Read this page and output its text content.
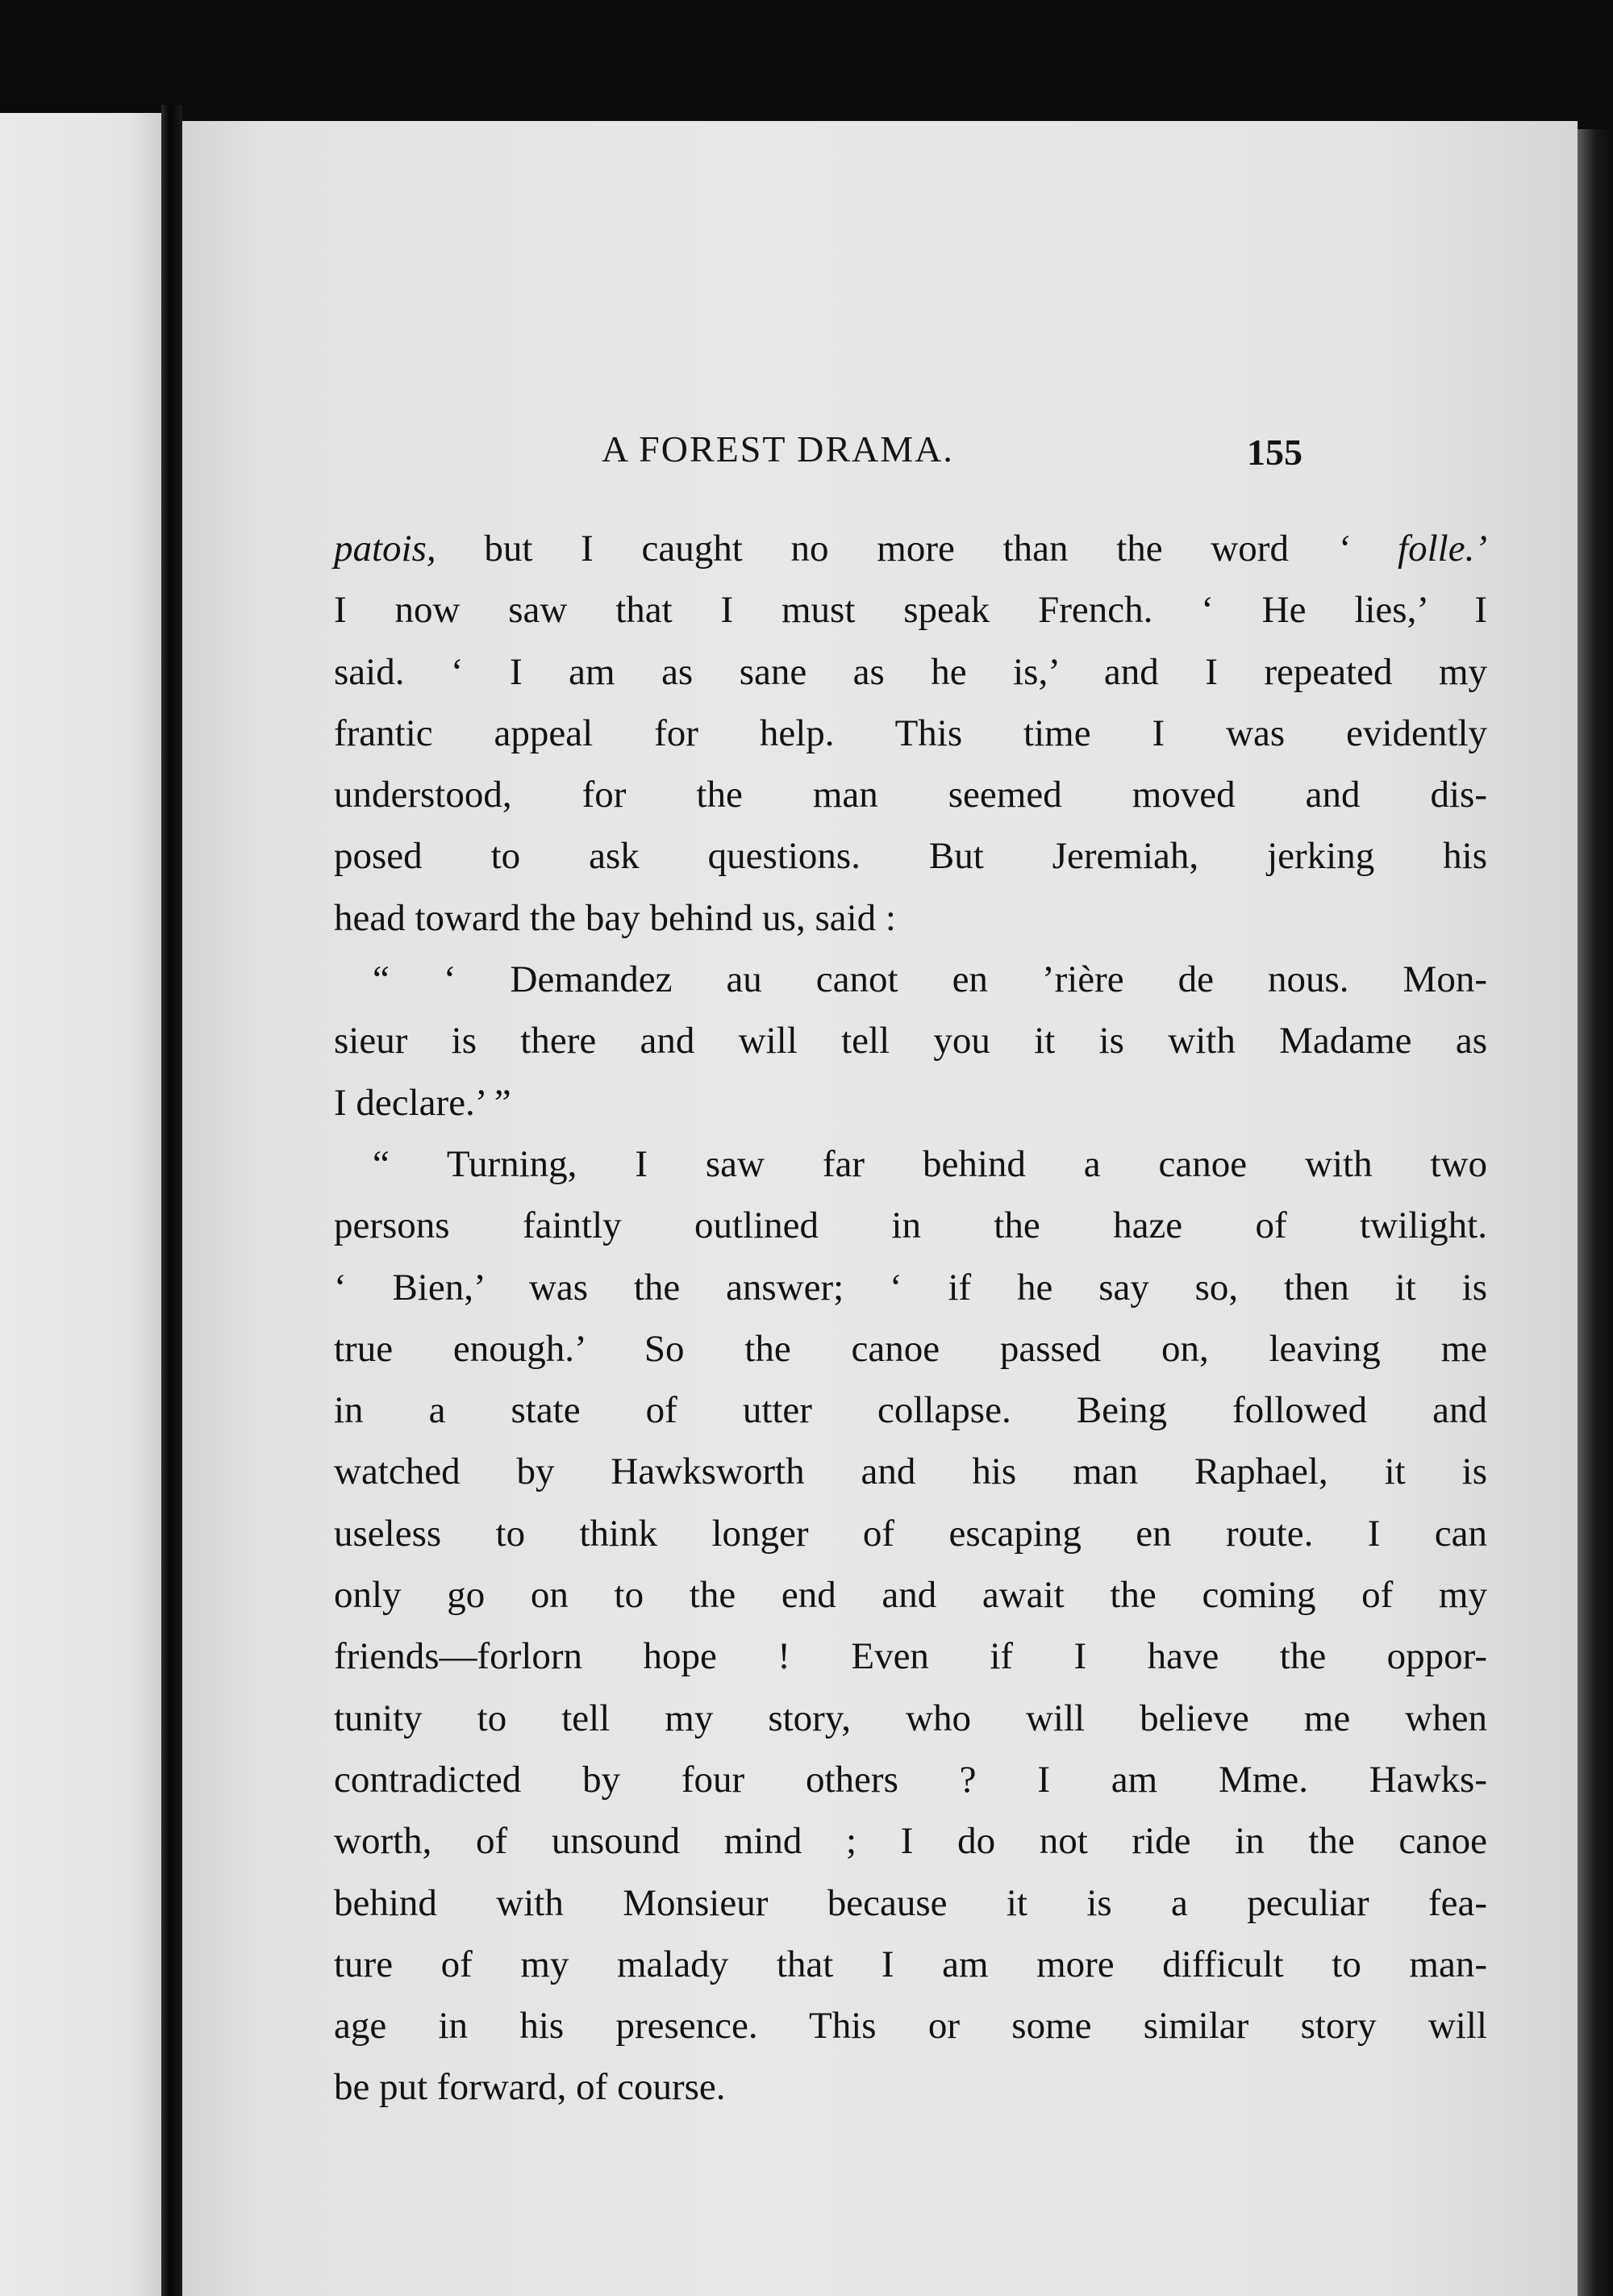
A FOREST DRAMA.	155
patois, but I caught no more than the word ‘ folle.’
I now saw that I must speak French. ‘ He lies,’ I
said. ‘ I am as sane as he is,’ and I repeated my
frantic appeal for help. This time I was evidently
understood, for the man seemed moved and dis-
posed to ask questions. But Jeremiah, jerking his
head toward the bay behind us, said :
“ ‘ Demandez au canot en ’rière de nous. Mon-
sieur is there and will tell you it is with Madame as
I declare.’ ”
“ Turning, I saw far behind a canoe with two
persons faintly outlined in the haze of twilight.
‘ Bien,’ was the answer; ‘ if he say so, then it is
true enough.’ So the canoe passed on, leaving me
in a state of utter collapse. Being followed and
watched by Hawksworth and his man Raphael, it is
useless to think longer of escaping en route. I can
only go on to the end and await the coming of my
friends—forlorn hope ! Even if I have the oppor-
tunity to tell my story, who will believe me when
contradicted by four others ? I am Mme. Hawks-
worth, of unsound mind ; I do not ride in the canoe
behind with Monsieur because it is a peculiar fea-
ture of my malady that I am more difficult to man-
age in his presence. This or some similar story will
be put forward, of course.
